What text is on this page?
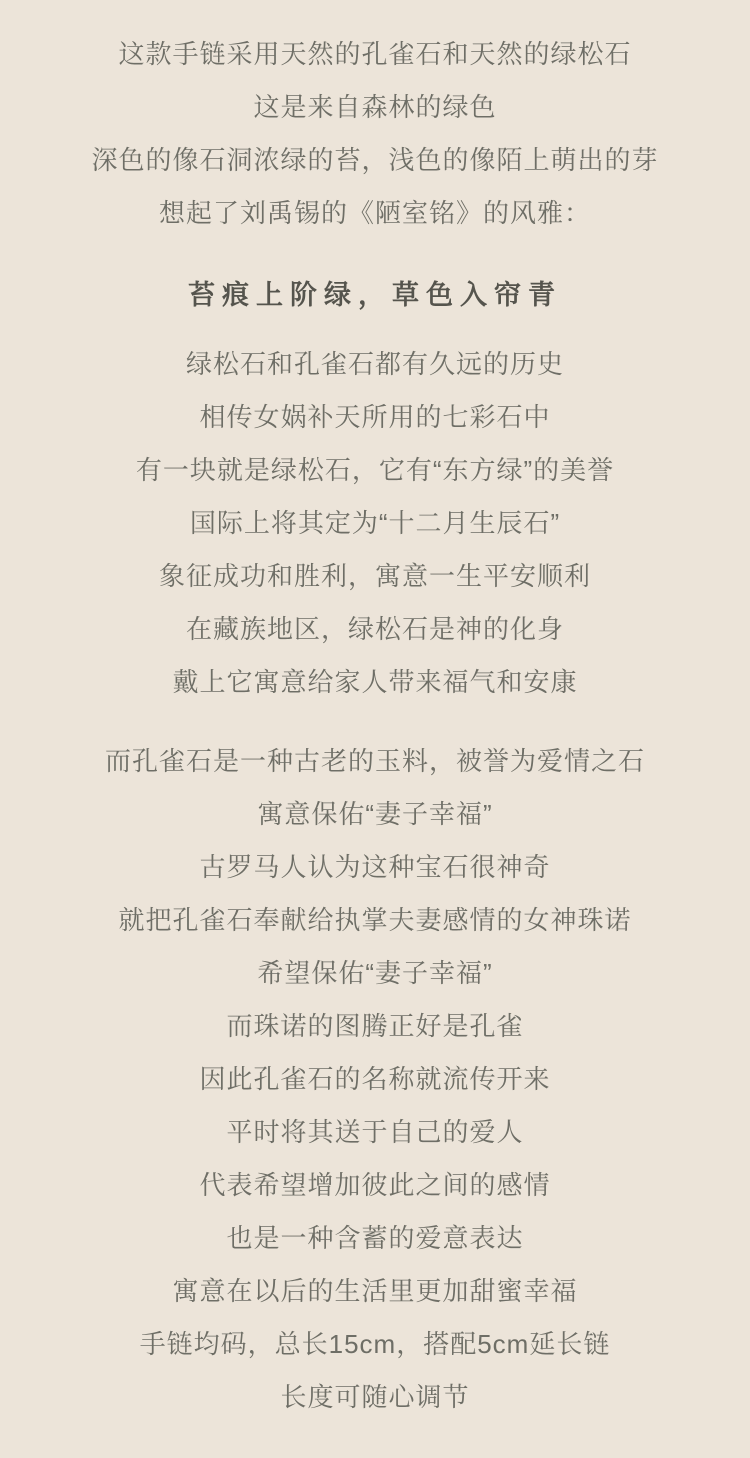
这款手链采用天然的孔雀石和天然的绿松石
这是来自森林的绿色
深色的像石洞浓绿的苔，浅色的像陌上萌出的芽
想起了刘禹锡的《陋室铭》的风雅：
苔痕上阶绿，草色入帘青
绿松石和孔雀石都有久远的历史
相传女娲补天所用的七彩石中
有一块就是绿松石，它有“东方绿”的美誉
国际上将其定为“十二月生辰石”
象征成功和胜利，寓意一生平安顺利
在藏族地区，绿松石是神的化身
戴上它寓意给家人带来福气和安康
而孔雀石是一种古老的玉料，被誉为爱情之石
寓意保佑“妻子幸福”
古罗马人认为这种宝石很神奇
就把孔雀石奉献给执掌夫妻感情的女神珠诺
希望保佑“妻子幸福”
而珠诺的图腾正好是孔雀
因此孔雀石的名称就流传开来
平时将其送于自己的爱人
代表希望增加彼此之间的感情
也是一种含蓄的爱意表达
寓意在以后的生活里更加甜蜜幸福
手链均码，总长15cm，搭配5cm延长链
长度可随心调节
